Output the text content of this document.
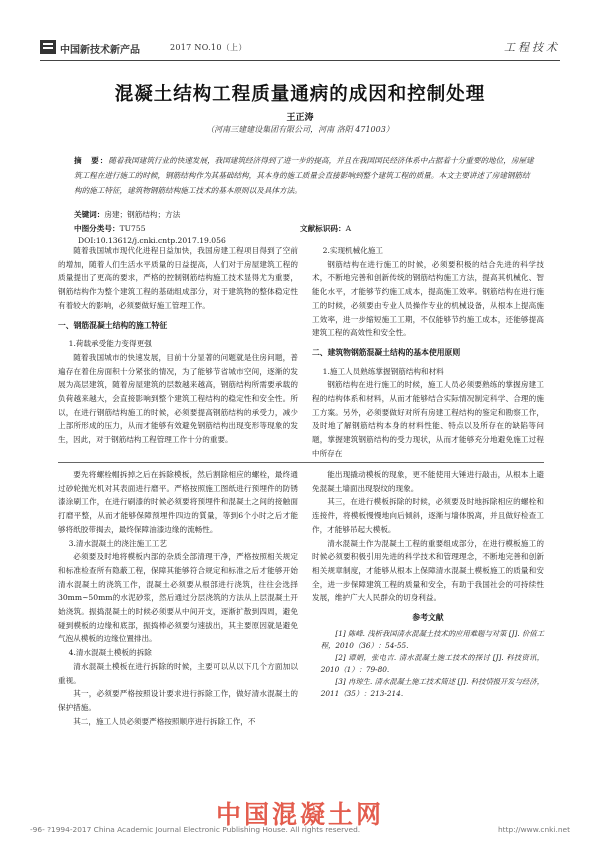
中国新技术新产品	2017 NO.10（上）	工程技术
混凝土结构工程质量通病的成因和控制处理
王正涛
（河南三建建设集团有限公司，河南 洛阳 471003）
摘　要：随着我国建筑行业的快速发展，我国建筑经济得到了进一步的提高，并且在我国国民经济体系中占据着十分重要的地位，房屋建筑工程在进行施工的时候，钢筋结构作为其基础结构，其本身的施工质量会直接影响到整个建筑工程的质量。本文主要讲述了房建钢筋结构的施工特征，建筑物钢筋结构施工技术的基本原则以及具体方法。
关键词：房建；钢筋结构；方法
中图分类号：TU755	文献标识码：A
DOI:10.13612/j.cnki.cntp.2017.19.056

随着我国城市现代化进程日益加快，我国房建工程项目得到了空前的增加，随着人们生活水平质量的日益提高，人们对于房屋建筑工程的质量提出了更高的要求，严格的控制钢筋结构施工技术显得尤为重要，钢筋结构作为整个建筑工程的基础组成部分，对于建筑物的整体稳定性有着较大的影响，必须要做好施工管理工作。

一、钢筋混凝土结构的施工特征

1.荷载承受能力变得更强

随着我国城市的快速发展，目前十分显著的问题就是住房问题，普遍存在着住房面积十分紧张的情况，为了能够节省城市空间，逐渐的发展为高层建筑，随着房屋建筑的层数越来越高，钢筋结构所需要承载的负荷越来越大，会直接影响到整个建筑工程结构的稳定性和安全性。所以，在进行钢筋结构施工的时候，必须要提高钢筋结构的承受力，减少上部所形成的压力，从而才能够有效避免钢筋结构出现变形等现象的发生，因此，对于钢筋结构工程管理工作十分的重要。

2.实现机械化施工

钢筋结构在进行施工的时候，必须要积极的结合先进的科学技术，不断地完善和创新传统的钢筋结构施工方法，提高其机械化、智能化水平，才能够节约施工成本，提高施工效率。钢筋结构在进行施工的时候，必须要由专业人员操作专业的机械设备，从根本上提高施工效率，进一步缩短施工工期，不仅能够节约施工成本，还能够提高建筑工程的高效性和安全性。

二、建筑物钢筋混凝土结构的基本使用原则

1.施工人员熟练掌握钢筋结构和材料

钢筋结构在进行施工的时候，施工人员必须要熟练的掌握房建工程的结构体系和材料，从而才能够结合实际情况制定科学、合理的施工方案。另外，必须要做好对所有房建工程结构的鉴定和勘察工作，及时地了解钢筋结构本身的材料性能、特点以及所存在的缺陷等问题，掌握建筑钢筋结构的受力现状，从而才能够充分地避免施工过程中所存在

要先将螺栓帽拆掉之后在拆除模板，然后割除相应的螺栓，最终通过砂轮抛光机对其表面进行磨平。严格按照施工图纸进行预埋件的防锈漆涂刷工作，在进行刷漆的时候必须要将预埋件和混凝土之间的接触面打磨平整，从而才能够保障预埋件四边的質量，等到6个小时之后才能够将纸胶带揭去，最终保障油漆边缘的流畅性。

3.清水混凝土的浇注施工工艺

必须要及时地将模板内部的杂质全部清理干净，严格按照相关规定和标准检查所有隐蔽工程，保障其能够符合规定和标准之后才能够开始清水混凝土的浇筑工作，混凝土必须要从根部进行浇筑，往往会选择30mm~50mm的水泥砂浆，然后通过分层浇筑的方法从上层混凝土开始浇筑。振捣混凝土的时候必须要从中间开支，逐渐扩散到四周，避免碰到模板的边缘和底部，振捣棒必须要匀速拔出，其主要原因就是避免气泡从模板的边缘位置排出。

4.清水混凝土模板的拆除

清水混凝土模板在进行拆除的时候，主要可以从以下几个方面加以重视。

其一，必须要严格按照设计要求进行拆除工作，做好清水混凝土的保护措施。

其二，施工人员必须要严格按照顺序进行拆除工作，不

能出现撬动模板的现象，更不能使用大锤进行敲击，从根本上避免混凝土墙面出现裂纹的现象。

其三，在进行模板拆除的时候，必须要及时地拆除相应的螺栓和连接件，将模板慢慢地向后倾斜，逐渐与墙体脱离，并且做好检查工作，才能够吊起大模板。

清水混凝土作为混凝土工程的重要组成部分，在进行模板施工的时候必须要积极引用先进的科学技术和管理理念，不断地完善和创新相关规章制度，才能够从根本上保障清水混凝土模板施工的质量和安全，进一步保障建筑工程的质量和安全，有助于我国社会的可持续性发展，维护广大人民群众的切身利益。

参考文献

[1] 陈峰. 浅析我国清水混凝土技术的应用难题与对策 [J]. 价值工程，2010（36）：54-55.

[2] 谭娟，张电吉. 清水混凝土施工技术的探讨 [J]. 科技资讯，2010（1）：79-80.

[3] 冉琼生. 清水混凝土施工技术简述 [J]. 科技情报开发与经济，2011（35）：213-214.

中国混凝土网
-96- ?1994-2017 China Academic Journal Electronic Publishing House. All rights reserved.	http://www.cnki.net
